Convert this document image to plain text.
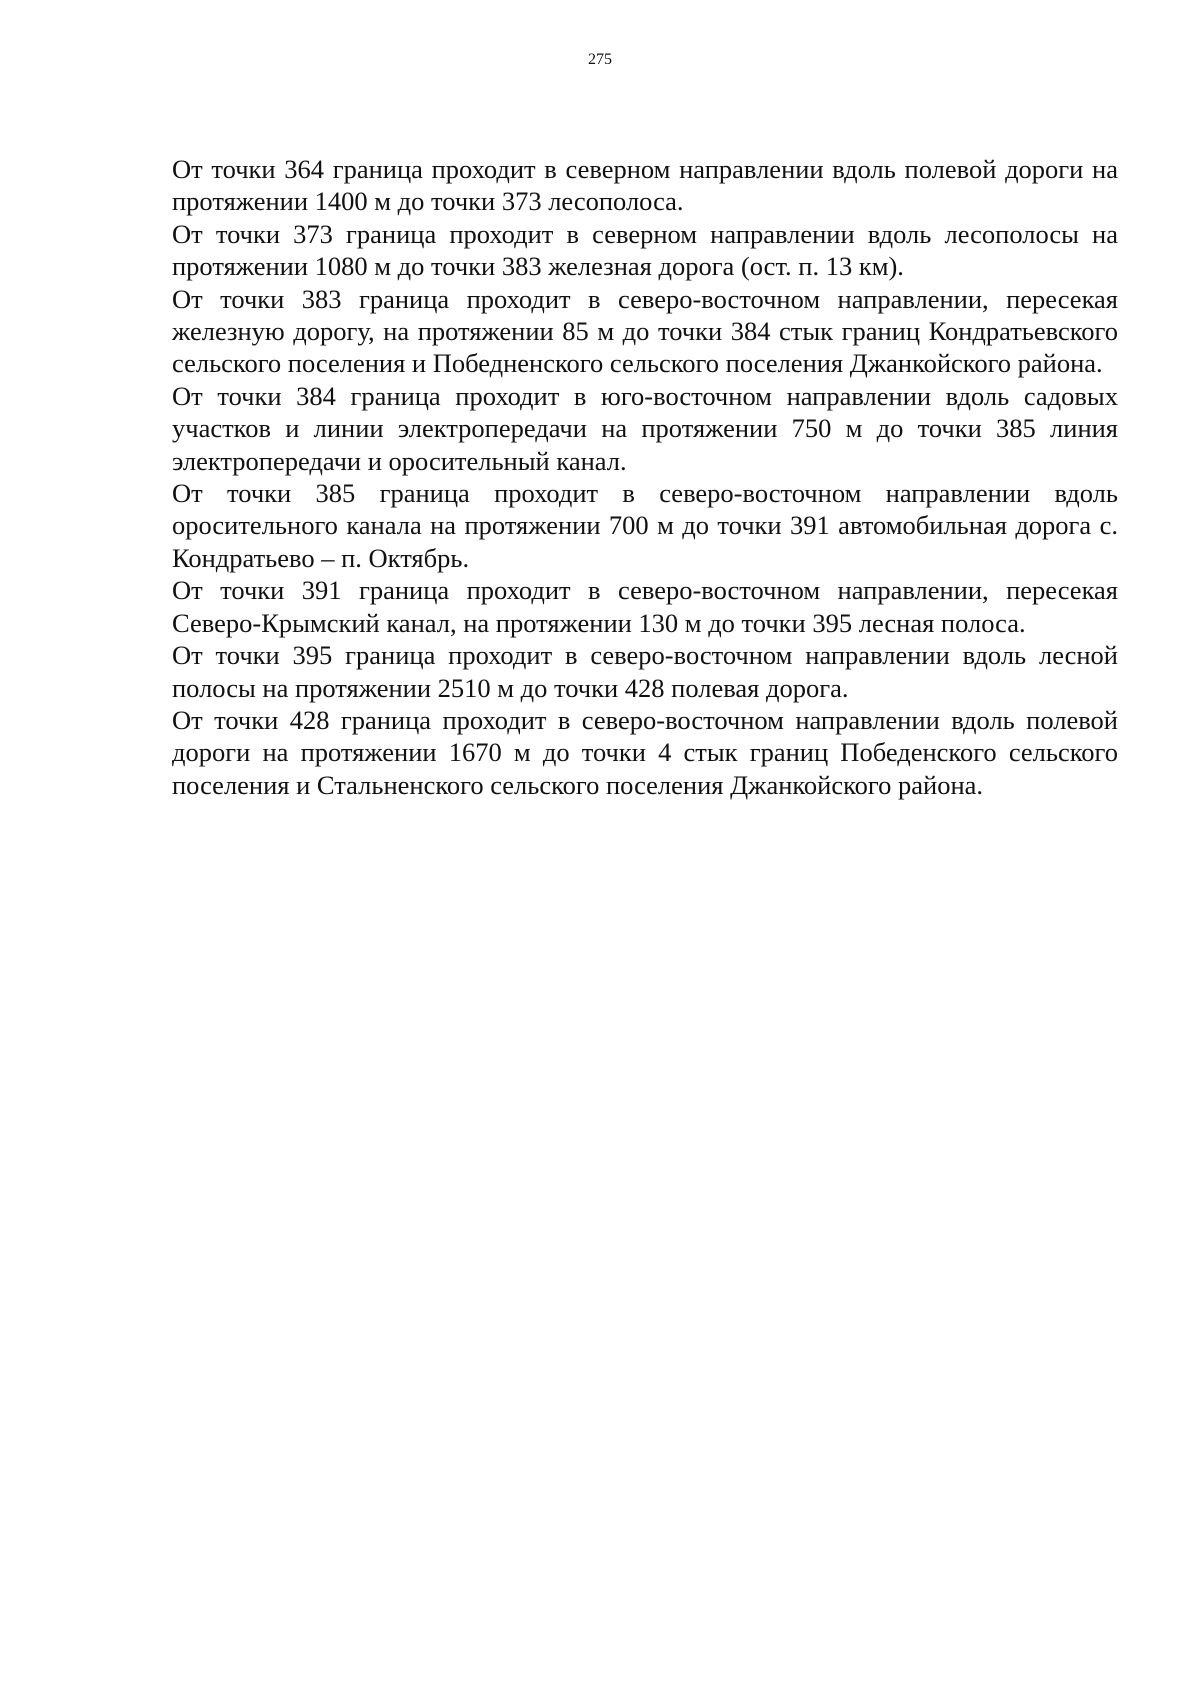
275

От точки 364 граница проходит в северном направлении вдоль полевой дороги на протяжении 1400 м до точки 373 лесополоса.

От точки 373 граница проходит в северном направлении вдоль лесополосы на протяжении 1080 м до точки 383 железная дорога (ост. п. 13 км).

От точки 383 граница проходит в северо-восточном направлении, пересекая железную дорогу, на протяжении 85 м до точки 384 стык границ Кондратьевского сельского поселения и Победненского сельского поселения Джанкойского района.

От точки 384 граница проходит в юго-восточном направлении вдоль садовых участков и линии электропередачи на протяжении 750 м до точки 385 линия электропередачи и оросительный канал.

От точки 385 граница проходит в северо-восточном направлении вдоль оросительного канала на протяжении 700 м до точки 391 автомобильная дорога с. Кондратьево – п. Октябрь.

От точки 391 граница проходит в северо-восточном направлении, пересекая Северо-Крымский канал, на протяжении 130 м до точки 395 лесная полоса.

От точки 395 граница проходит в северо-восточном направлении вдоль лесной полосы на протяжении 2510 м до точки 428 полевая дорога.

От точки 428 граница проходит в северо-восточном направлении вдоль полевой дороги на протяжении 1670 м до точки 4 стык границ Победенского сельского поселения и Стальненского сельского поселения Джанкойского района.
